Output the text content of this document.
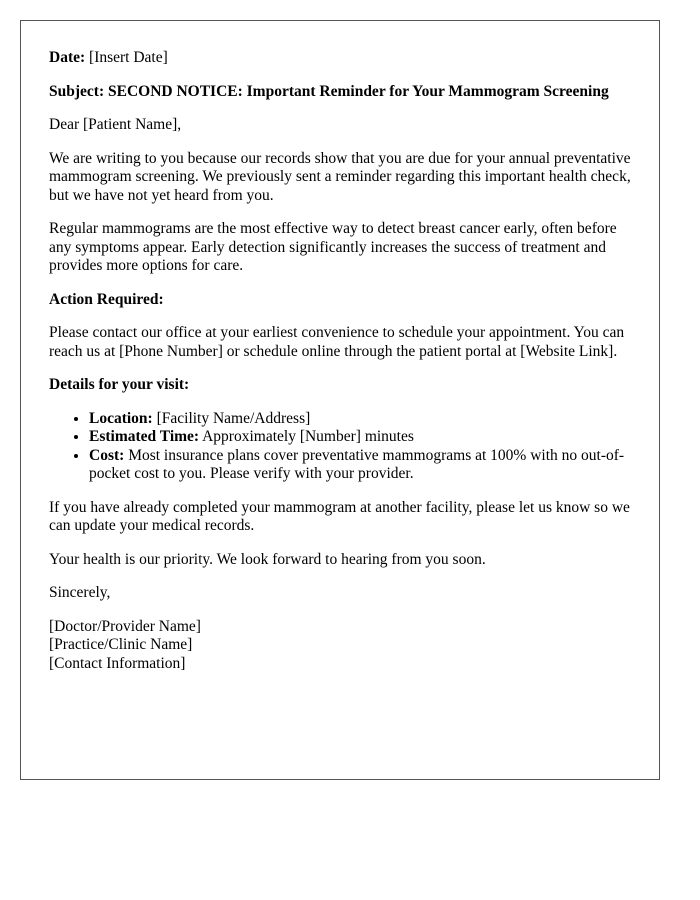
Date: [Insert Date]

Subject: SECOND NOTICE: Important Reminder for Your Mammogram Screening

Dear [Patient Name],

We are writing to you because our records show that you are due for your annual preventative mammogram screening. We previously sent a reminder regarding this important health check, but we have not yet heard from you.

Regular mammograms are the most effective way to detect breast cancer early, often before any symptoms appear. Early detection significantly increases the success of treatment and provides more options for care.

Action Required:

Please contact our office at your earliest convenience to schedule your appointment. You can reach us at [Phone Number] or schedule online through the patient portal at [Website Link].

Details for your visit:

• Location: [Facility Name/Address]
• Estimated Time: Approximately [Number] minutes
• Cost: Most insurance plans cover preventative mammograms at 100% with no out-of-pocket cost to you. Please verify with your provider.

If you have already completed your mammogram at another facility, please let us know so we can update your medical records.

Your health is our priority. We look forward to hearing from you soon.

Sincerely,

[Doctor/Provider Name]
[Practice/Clinic Name]
[Contact Information]
